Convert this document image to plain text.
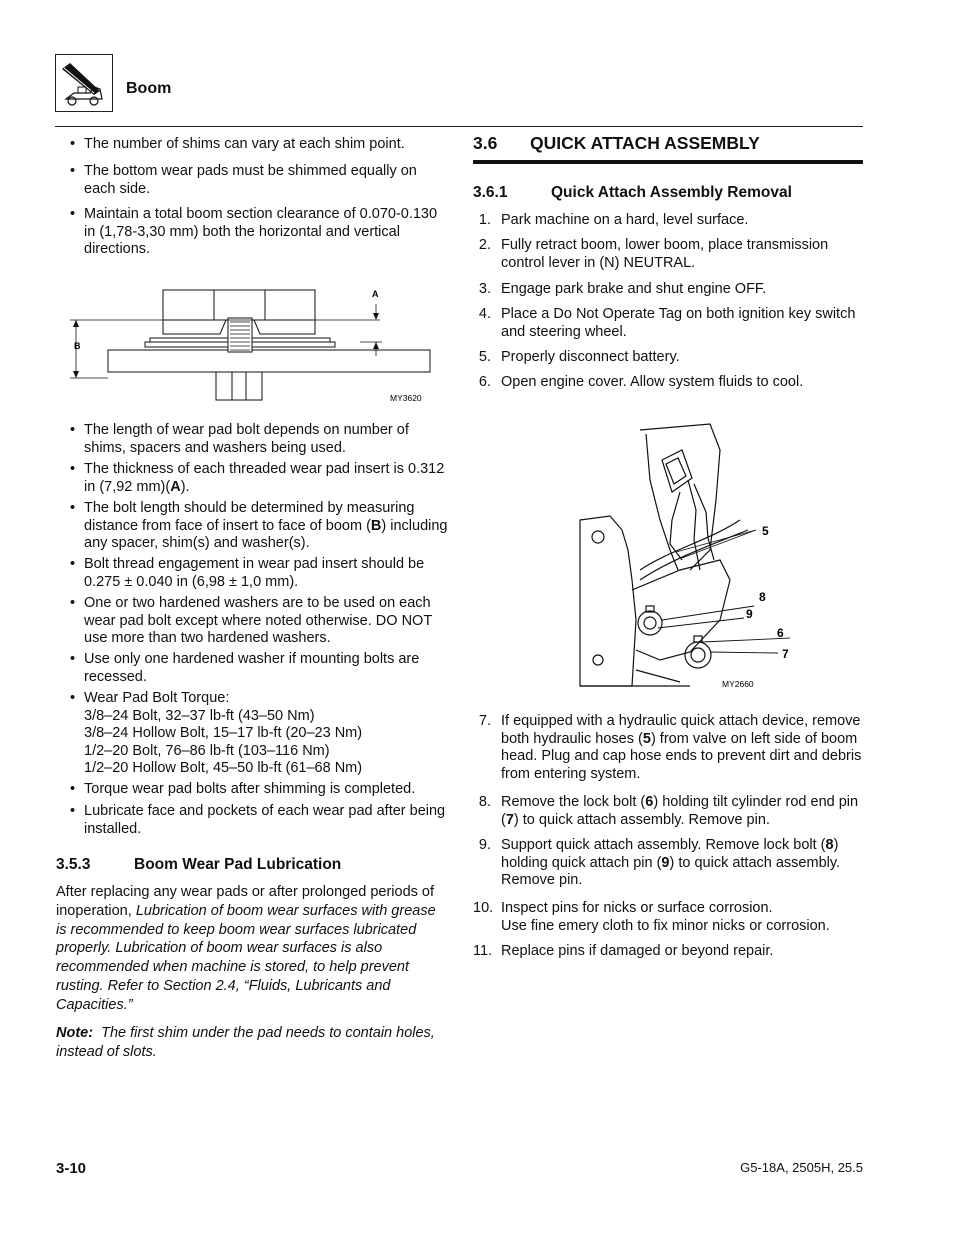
Boom
• The number of shims can vary at each shim point.
• The bottom wear pads must be shimmed equally on each side.
• Maintain a total boom section clearance of 0.070-0.130 in (1,78-3,30 mm) both the horizontal and vertical directions.
A
B
MY3620
• The length of wear pad bolt depends on number of shims, spacers and washers being used.
• The thickness of each threaded wear pad insert is 0.312 in (7,92 mm)(A).
• The bolt length should be determined by measuring distance from face of insert to face of boom (B) including any spacer, shim(s) and washer(s).
• Bolt thread engagement in wear pad insert should be 0.275 ± 0.040 in (6,98 ± 1,0 mm).
• One or two hardened washers are to be used on each wear pad bolt except where noted otherwise. DO NOT use more than two hardened washers.
• Use only one hardened washer if mounting bolts are recessed.
• Wear Pad Bolt Torque:
3/8–24 Bolt, 32–37 lb-ft (43–50 Nm)
3/8–24 Hollow Bolt, 15–17 lb-ft (20–23 Nm)
1/2–20 Bolt, 76–86 lb-ft (103–116 Nm)
1/2–20 Hollow Bolt, 45–50 lb-ft (61–68 Nm)
• Torque wear pad bolts after shimming is completed.
• Lubricate face and pockets of each wear pad after being installed.
3.5.3	Boom Wear Pad Lubrication
After replacing any wear pads or after prolonged periods of inoperation, Lubrication of boom wear surfaces with grease is recommended to keep boom wear surfaces lubricated properly. Lubrication of boom wear surfaces is also recommended when machine is stored, to help prevent rusting. Refer to Section 2.4, “Fluids, Lubricants and Capacities.”
Note: The first shim under the pad needs to contain holes, instead of slots.
3.6 QUICK ATTACH ASSEMBLY
3.6.1	Quick Attach Assembly Removal
1. Park machine on a hard, level surface.
2. Fully retract boom, lower boom, place transmission control lever in (N) NEUTRAL.
3. Engage park brake and shut engine OFF.
4. Place a Do Not Operate Tag on both ignition key switch and steering wheel.
5. Properly disconnect battery.
6. Open engine cover. Allow system fluids to cool.
5
8
9
6
7
MY2660
7. If equipped with a hydraulic quick attach device, remove both hydraulic hoses (5) from valve on left side of boom head. Plug and cap hose ends to prevent dirt and debris from entering system.
8. Remove the lock bolt (6) holding tilt cylinder rod end pin (7) to quick attach assembly. Remove pin.
9. Support quick attach assembly. Remove lock bolt (8) holding quick attach pin (9) to quick attach assembly. Remove pin.
10. Inspect pins for nicks or surface corrosion.
Use fine emery cloth to fix minor nicks or corrosion.
11. Replace pins if damaged or beyond repair.
3-10	G5-18A, 2505H, 25.5
